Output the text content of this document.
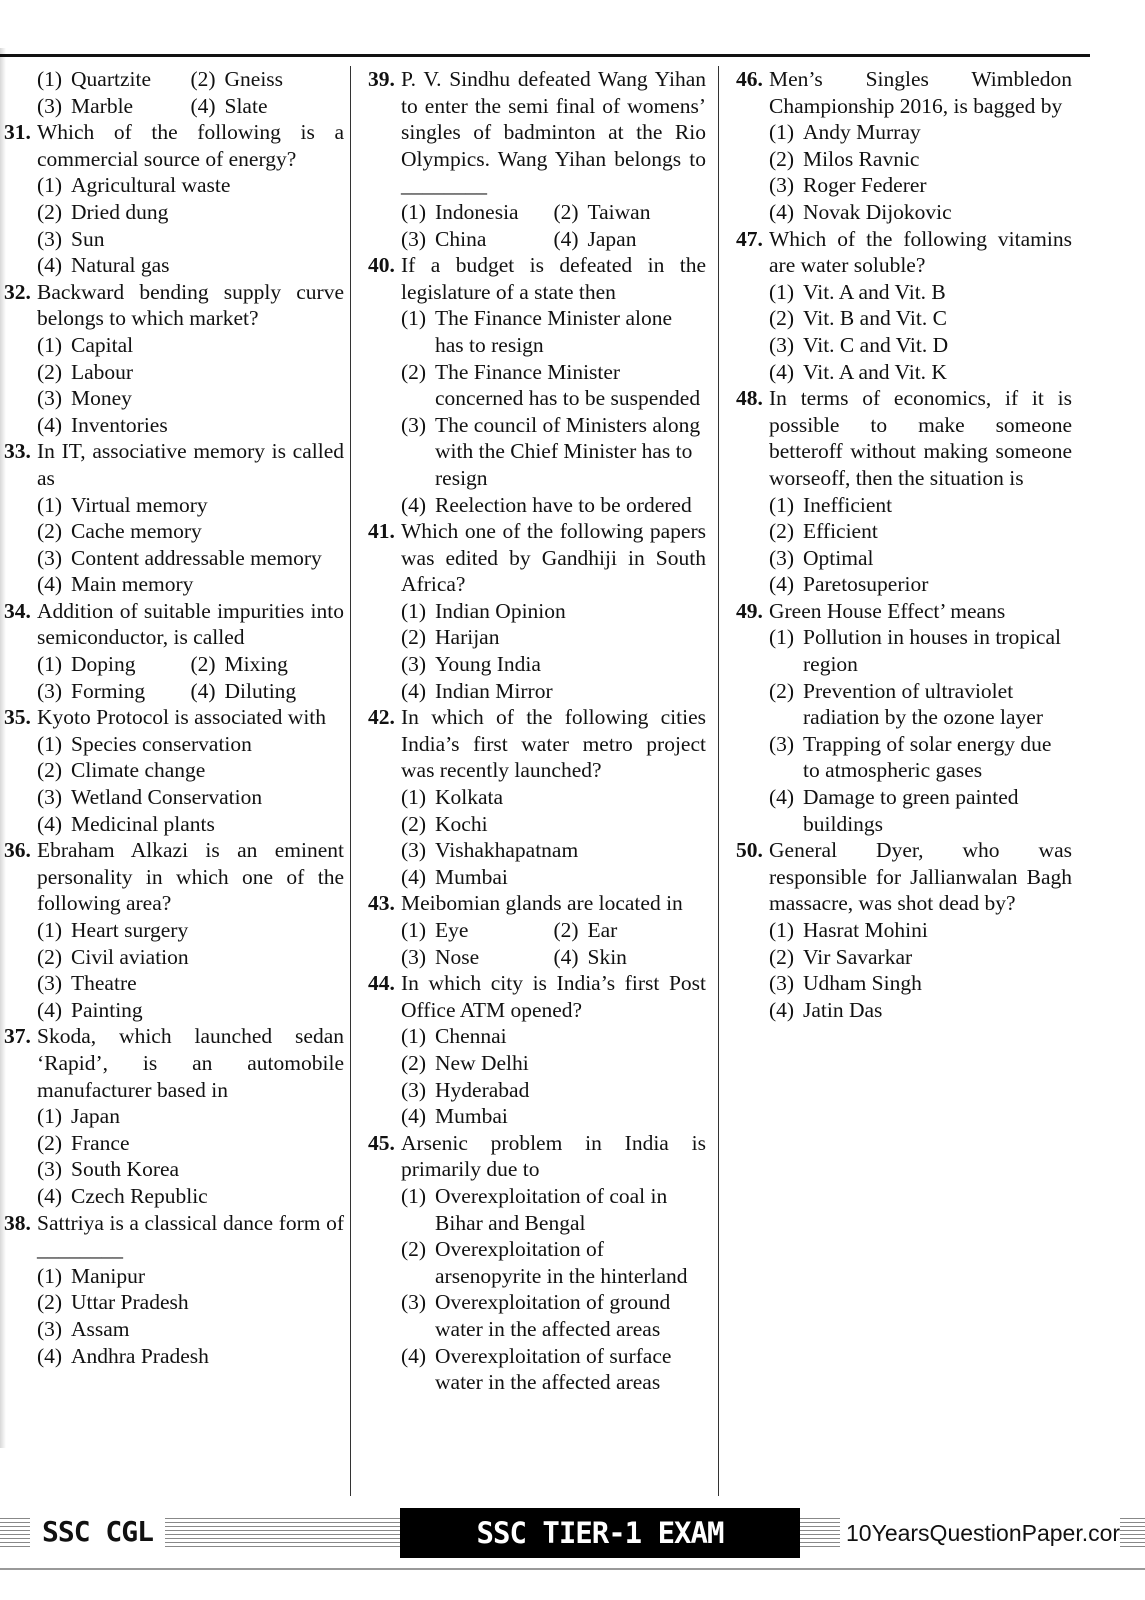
(1) Quartzite (2) Gneiss
(3) Marble	(4) Slate
31. Which of the following is a commercial source of energy?
(1) Agricultural waste
(2) Dried dung
(3) Sun
(4) Natural gas
32. Backward bending supply curve belongs to which market?
(1) Capital
(2) Labour
(3) Money
(4) Inventories
33. In IT, associative memory is called as
(1) Virtual memory
(2) Cache memory
(3) Content addressable memory
(4) Main memory
34. Addition of suitable impurities into semiconductor, is called
(1) Doping	(2) Mixing
(3) Forming (4) Diluting
35. Kyoto Protocol is associated with
(1) Species conservation
(2) Climate change
(3) Wetland Conservation
(4) Medicinal plants
36. Ebraham Alkazi is an eminent personality in which one of the following area?
(1) Heart surgery
(2) Civil aviation
(3) Theatre
(4) Painting
37. Skoda, which launched sedan ‘Rapid’, is an automobile manufacturer based in
(1) Japan
(2) France
(3) South Korea
(4) Czech Republic
38. Sattriya is a classical dance form of ________
(1) Manipur
(2) Uttar Pradesh
(3) Assam
(4) Andhra Pradesh
39. P. V. Sindhu defeated Wang Yihan to enter the semi final of womens’ singles of badminton at the Rio Olympics. Wang Yihan belongs to ________
(1) Indonesia (2) Taiwan
(3) China	(4) Japan
40. If a budget is defeated in the legislature of a state then
(1) The Finance Minister alone has to resign
(2) The Finance Minister concerned has to be suspended
(3) The council of Ministers along with the Chief Minister has to resign
(4) Reelection have to be ordered
41. Which one of the following papers was edited by Gandhiji in South Africa?
(1) Indian Opinion
(2) Harijan
(3) Young India
(4) Indian Mirror
42. In which of the following cities India’s first water metro project was recently launched?
(1) Kolkata
(2) Kochi
(3) Vishakhapatnam
(4) Mumbai
43. Meibomian glands are located in
(1) Eye	(2) Ear
(3) Nose	(4) Skin
44. In which city is India’s first Post Office ATM opened?
(1) Chennai
(2) New Delhi
(3) Hyderabad
(4) Mumbai
45. Arsenic problem in India is primarily due to
(1) Overexploitation of coal in Bihar and Bengal
(2) Overexploitation of arsenopyrite in the hinterland
(3) Overexploitation of ground water in the affected areas
(4) Overexploitation of surface water in the affected areas
46. Men’s Singles Wimbledon Championship 2016, is bagged by
(1) Andy Murray
(2) Milos Ravnic
(3) Roger Federer
(4) Novak Dijokovic
47. Which of the following vitamins are water soluble?
(1) Vit. A and Vit. B
(2) Vit. B and Vit. C
(3) Vit. C and Vit. D
(4) Vit. A and Vit. K
48. In terms of economics, if it is possible to make someone betteroff without making someone worseoff, then the situation is
(1) Inefficient
(2) Efficient
(3) Optimal
(4) Paretosuperior
49. Green House Effect’ means
(1) Pollution in houses in tropical region
(2) Prevention of ultraviolet radiation by the ozone layer
(3) Trapping of solar energy due to atmospheric gases
(4) Damage to green painted buildings
50. General Dyer, who was responsible for Jallianwalan Bagh massacre, was shot dead by?
(1) Hasrat Mohini
(2) Vir Savarkar
(3) Udham Singh
(4) Jatin Das
SSC CGL	SSC TIER-1 EXAM	10YearsQuestionPaper.cor
